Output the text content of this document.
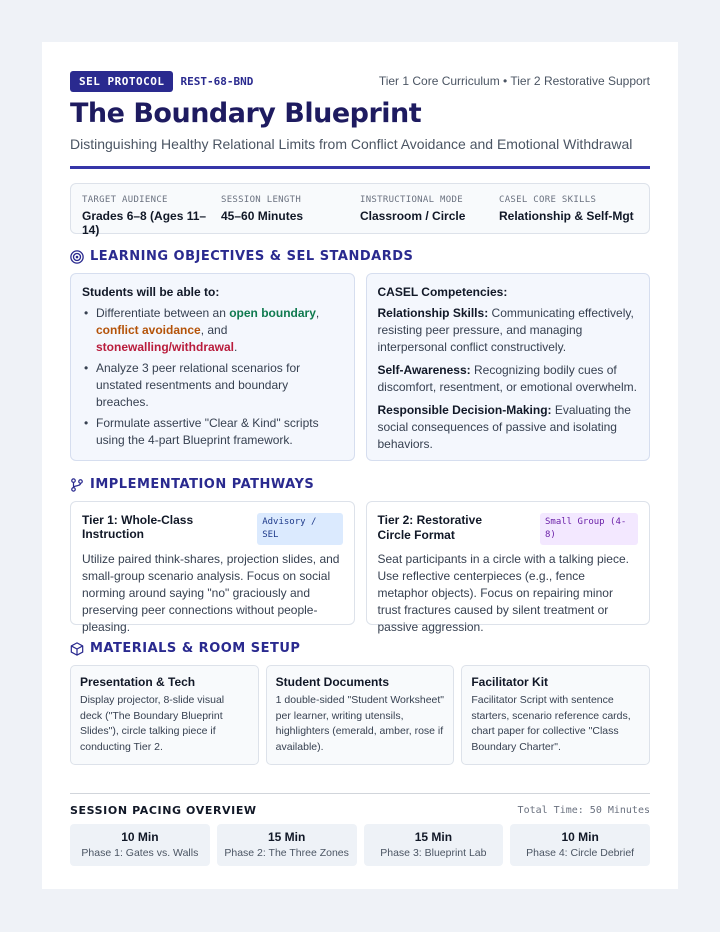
SEL PROTOCOL	REST-68-BND	Tier 1 Core Curriculum • Tier 2 Restorative Support
The Boundary Blueprint
Distinguishing Healthy Relational Limits from Conflict Avoidance and Emotional Withdrawal
TARGET AUDIENCE
Grades 6–8 (Ages 11–14)
SESSION LENGTH
45–60 Minutes
INSTRUCTIONAL MODE
Classroom / Circle
CASEL CORE SKILLS
Relationship & Self-Mgt
LEARNING OBJECTIVES & SEL STANDARDS
Students will be able to:
• Differentiate between an open boundary, conflict avoidance, and stonewalling/withdrawal.
• Analyze 3 peer relational scenarios for unstated resentments and boundary breaches.
• Formulate assertive "Clear & Kind" scripts using the 4-part Blueprint framework.
CASEL Competencies:

Relationship Skills: Communicating effectively, resisting peer pressure, and managing interpersonal conflict constructively.

Self-Awareness: Recognizing bodily cues of discomfort, resentment, or emotional overwhelm.

Responsible Decision-Making: Evaluating the social consequences of passive and isolating behaviors.

IMPLEMENTATION PATHWAYS
Tier 1: Whole-Class Instruction
Advisory / SEL

Utilize paired think-shares, projection slides, and small-group scenario analysis. Focus on social norming around saying "no" graciously and preserving peer connections without people-pleasing.

Tier 2: Restorative Circle Format
Small Group (4-8)

Seat participants in a circle with a talking piece. Use reflective centerpieces (e.g., fence metaphor objects). Focus on repairing minor trust fractures caused by silent treatment or passive aggression.

MATERIALS & ROOM SETUP
Presentation & Tech

Display projector, 8-slide visual deck ("The Boundary Blueprint Slides"), circle talking piece if conducting Tier 2.

Student Documents

1 double-sided "Student Worksheet" per learner, writing utensils, highlighters (emerald, amber, rose if available).

Facilitator Kit

Facilitator Script with sentence starters, scenario reference cards, chart paper for collective "Class Boundary Charter".

SESSION PACING OVERVIEW	Total Time: 50 Minutes
10 Min
Phase 1: Gates vs. Walls
15 Min
Phase 2: The Three Zones
15 Min
Phase 3: Blueprint Lab
10 Min
Phase 4: Circle Debrief
